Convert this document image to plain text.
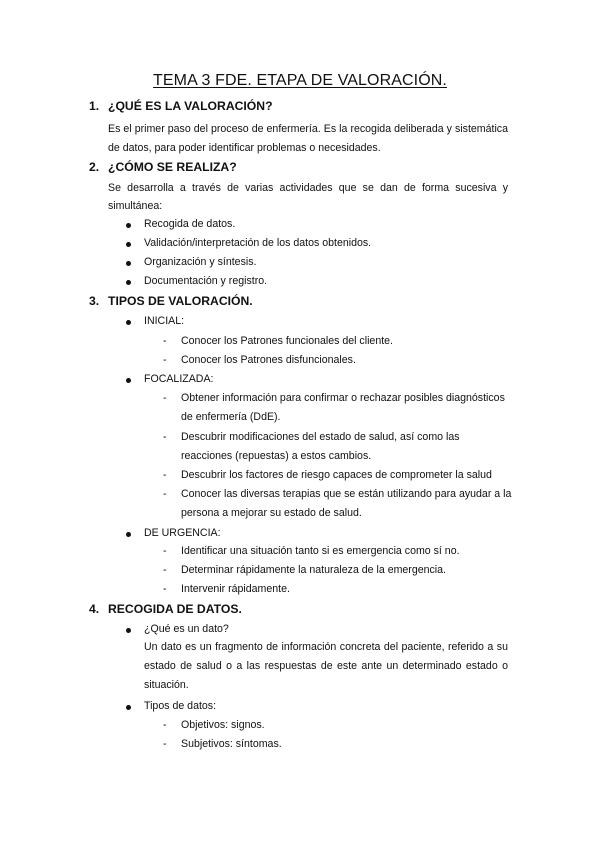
TEMA 3 FDE. ETAPA DE VALORACIÓN.
1. ¿QUÉ ES LA VALORACIÓN?
Es el primer paso del proceso de enfermería. Es la recogida deliberada y sistemática
de datos, para poder identificar problemas o necesidades.
2. ¿CÓMO SE REALIZA?
Se desarrolla a través de varias actividades que se dan de forma sucesiva y
simultánea:
Recogida de datos.
Validación/interpretación de los datos obtenidos.
Organización y síntesis.
Documentación y registro.
3. TIPOS DE VALORACIÓN.
INICIAL:
Conocer los Patrones funcionales del cliente.
Conocer los Patrones disfuncionales.
FOCALIZADA:
Obtener información para confirmar o rechazar posibles diagnósticos
de enfermería (DdE).
Descubrir modificaciones del estado de salud, así como las
reacciones (repuestas) a estos cambios.
Descubrir los factores de riesgo capaces de comprometer la salud
Conocer las diversas terapias que se están utilizando para ayudar a la
persona a mejorar su estado de salud.
DE URGENCIA:
Identificar una situación tanto si es emergencia como sí no.
Determinar rápidamente la naturaleza de la emergencia.
Intervenir rápidamente.
4. RECOGIDA DE DATOS.
¿Qué es un dato?
Un dato es un fragmento de información concreta del paciente, referido a su
estado de salud o a las respuestas de este ante un determinado estado o
situación.
Tipos de datos:
Objetivos: signos.
Subjetivos: síntomas.
